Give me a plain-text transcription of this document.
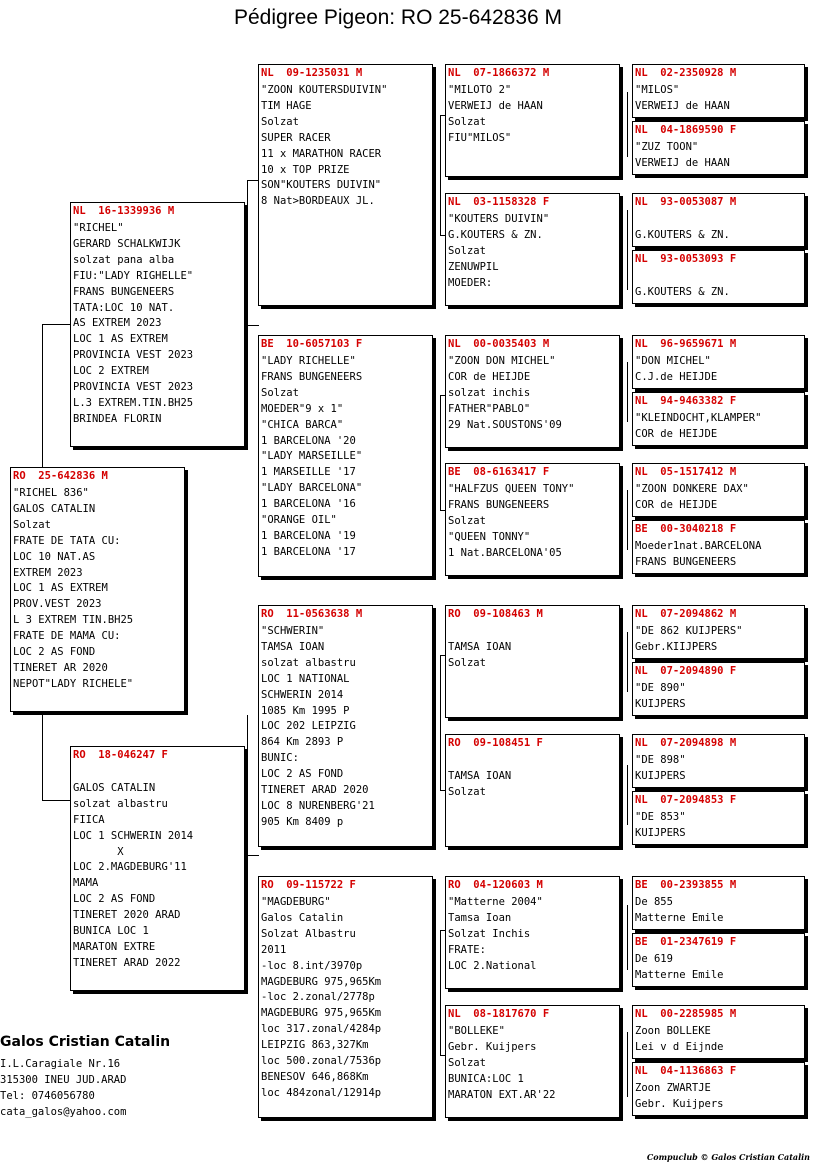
Pédigree Pigeon: RO 25-642836 M
RO  25-642836 M
"RICHEL 836"
GALOS CATALIN
Solzat
FRATE DE TATA CU:
LOC 10 NAT.AS
EXTREM 2023
LOC 1 AS EXTREM
PROV.VEST 2023
L 3 EXTREM TIN.BH25
FRATE DE MAMA CU:
LOC 2 AS FOND
TINERET AR 2020
NEPOT"LADY RICHELE"
NL  16-1339936 M
"RICHEL"
GERARD SCHALKWIJK
solzat pana alba
FIU:"LADY RIGHELLE"
FRANS BUNGENEERS
TATA:LOC 10 NAT.
AS EXTREM 2023
LOC 1 AS EXTREM
PROVINCIA VEST 2023
LOC 2 EXTREM
PROVINCIA VEST 2023
L.3 EXTREM.TIN.BH25
BRINDEA FLORIN
RO  18-046247 F
GALOS CATALIN
solzat albastru
FIICA
LOC 1 SCHWERIN 2014
X
LOC 2.MAGDEBURG'11
MAMA
LOC 2 AS FOND
TINERET 2020 ARAD
BUNICA LOC 1
MARATON EXTRE
TINERET ARAD 2022
NL  09-1235031 M
"ZOON KOUTERSDUIVIN"
TIM HAGE
Solzat
SUPER RACER
11 x MARATHON RACER
10 x TOP PRIZE
SON"KOUTERS DUIVIN"
8 Nat>BORDEAUX JL.
BE  10-6057103 F
"LADY RICHELLE"
FRANS BUNGENEERS
Solzat
MOEDER"9 x 1"
"CHICA BARCA"
1 BARCELONA '20
"LADY MARSEILLE"
1 MARSEILLE '17
"LADY BARCELONA"
1 BARCELONA '16
"ORANGE OIL"
1 BARCELONA '19
1 BARCELONA '17
RO  11-0563638 M
"SCHWERIN"
TAMSA IOAN
solzat albastru
LOC 1 NATIONAL
SCHWERIN 2014
1085 Km 1995 P
LOC 202 LEIPZIG
864 Km 2893 P
BUNIC:
LOC 2 AS FOND
TINERET ARAD 2020
LOC 8 NURENBERG'21
905 Km 8409 p
RO  09-115722 F
"MAGDEBURG"
Galos Catalin
Solzat Albastru
2011
-loc 8.int/3970p
MAGDEBURG 975,965Km
-loc 2.zonal/2778p
MAGDEBURG 975,965Km
loc 317.zonal/4284p
LEIPZIG 863,327Km
loc 500.zonal/7536p
BENESOV 646,868Km
loc 484zonal/12914p
NL  07-1866372 M
"MILOTO 2"
VERWEIJ de HAAN
Solzat
FIU"MILOS"
NL  03-1158328 F
"KOUTERS DUIVIN"
G.KOUTERS & ZN.
Solzat
ZENUWPIL
MOEDER:
NL  00-0035403 M
"ZOON DON MICHEL"
COR de HEIJDE
solzat inchis
FATHER"PABLO"
29 Nat.SOUSTONS'09
BE  08-6163417 F
"HALFZUS QUEEN TONY"
FRANS BUNGENEERS
Solzat
"QUEEN TONNY"
1 Nat.BARCELONA'05
RO  09-108463 M
TAMSA IOAN
Solzat
RO  09-108451 F
TAMSA IOAN
Solzat
RO  04-120603 M
"Matterne 2004"
Tamsa Ioan
Solzat Inchis
FRATE:
LOC 2.National
NL  08-1817670 F
"BOLLEKE"
Gebr. Kuijpers
Solzat
BUNICA:LOC 1
MARATON EXT.AR'22
NL  02-2350928 M
"MILOS"
VERWEIJ de HAAN
NL  04-1869590 F
"ZUZ TOON"
VERWEIJ de HAAN
NL  93-0053087 M
G.KOUTERS & ZN.
NL  93-0053093 F
G.KOUTERS & ZN.
NL  96-9659671 M
"DON MICHEL"
C.J.de HEIJDE
NL  94-9463382 F
"KLEINDOCHT,KLAMPER"
COR de HEIJDE
NL  05-1517412 M
"ZOON DONKERE DAX"
COR de HEIJDE
BE  00-3040218 F
Moeder1nat.BARCELONA
FRANS BUNGENEERS
NL  07-2094862 M
"DE 862 KUIJPERS"
Gebr.KIIJPERS
NL  07-2094890 F
"DE 890"
KUIJPERS
NL  07-2094898 M
"DE 898"
KUIJPERS
NL  07-2094853 F
"DE 853"
KUIJPERS
BE  00-2393855 M
De 855
Matterne Emile
BE  01-2347619 F
De 619
Matterne Emile
NL  00-2285985 M
Zoon BOLLEKE
Lei v d Eijnde
NL  04-1136863 F
Zoon ZWARTJE
Gebr. Kuijpers
Galos Cristian Catalin
I.L.Caragiale Nr.16
315300 INEU JUD.ARAD
Tel: 0746056780
cata_galos@yahoo.com
Compuclub © Galos Cristian Catalin
